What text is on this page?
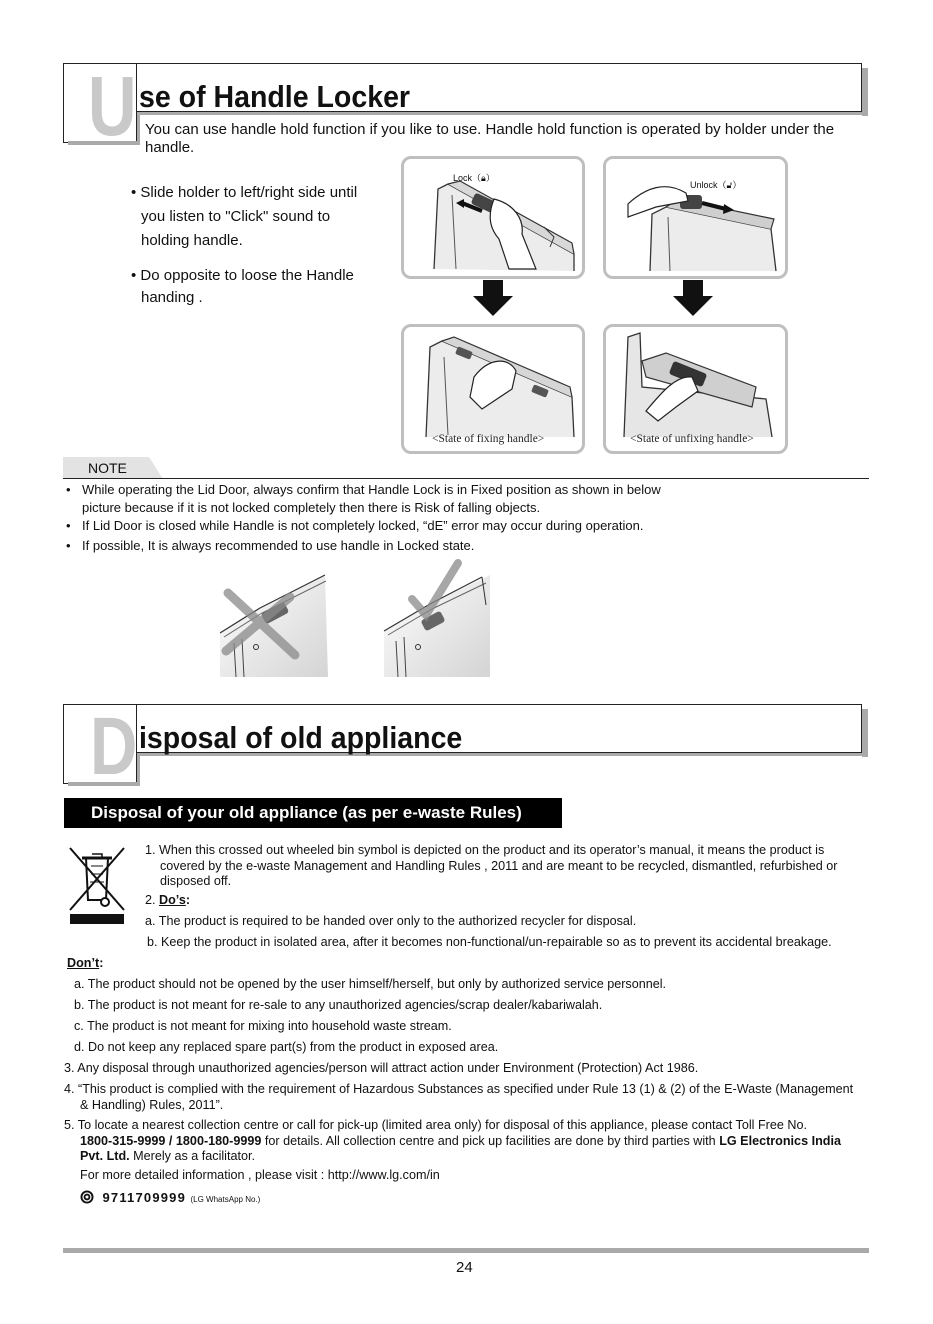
U se of Handle Locker
You can use handle hold function if you like to use. Handle hold function is operated by holder under the handle.
• Slide holder to left/right side until
you listen to "Click" sound to
holding handle.
• Do opposite to loose the Handle
handing .
Lock（🔒︎）
Unlock（🔓︎）
<State of fixing handle>	<State of unfixing handle>
NOTE
• While operating the Lid Door, always confirm that Handle Lock is in Fixed position as shown in below
picture because if it is not locked completely then there is Risk of falling objects.
• If Lid Door is closed while Handle is not completely locked, “dE” error may occur during operation.
• If possible, It is always recommended to use handle in Locked state.
D isposal of old appliance
Disposal of your old appliance (as per e-waste Rules)
1. When this crossed out wheeled bin symbol is depicted on the product and its operator’s manual, it means the product is
covered by the e-waste Management and Handling Rules , 2011 and are meant to be recycled, dismantled, refurbished or
disposed off.
2. Do’s:
a. The product is required to be handed over only to the authorized recycler for disposal.
b. Keep the product in isolated area, after it becomes non-functional/un-repairable so as to prevent its accidental breakage.
Don’t:
a. The product should not be opened by the user himself/herself, but only by authorized service personnel.
b. The product is not meant for re-sale to any unauthorized agencies/scrap dealer/kabariwalah.
c. The product is not meant for mixing into household waste stream.
d. Do not keep any replaced spare part(s) from the product in exposed area.
3. Any disposal through unauthorized agencies/person will attract action under Environment (Protection) Act 1986.
4. “This product is complied with the requirement of Hazardous Substances as specified under Rule 13 (1) & (2) of the E-Waste (Management
& Handling) Rules, 2011”.
5. To locate a nearest collection centre or call for pick-up (limited area only) for disposal of this appliance, please contact Toll Free No.
1800-315-9999 / 1800-180-9999 for details. All collection centre and pick up facilities are done by third parties with LG Electronics India
Pvt. Ltd. Merely as a facilitator.
For more detailed information , please visit : http://www.lg.com/in
9711709999 (LG WhatsApp No.)
24
